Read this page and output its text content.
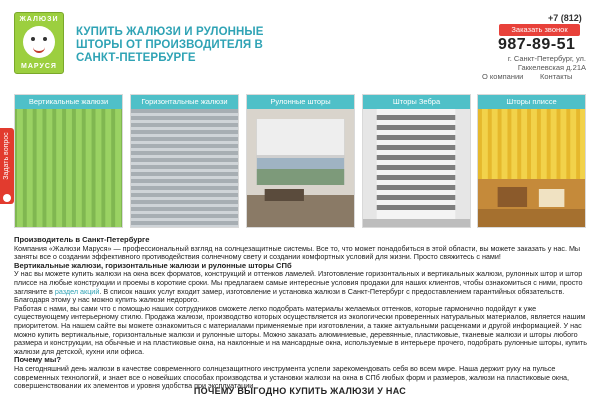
ЖАЛЮЗИ
МАРУСЯ
КУПИТЬ ЖАЛЮЗИ И РУЛОННЫЕ ШТОРЫ ОТ ПРОИЗВОДИТЕЛЯ В САНКТ-ПЕТЕРБУРГЕ
+7 (812)
Заказать звонок
987-89-51
г. Санкт-Петербург, ул.
Гаккелевская д.21А
О компании Контакты
Вертикальные жалюзи	Горизонтальные жалюзи	Рулонные шторы	Шторы Зебра	Шторы плиссе
Задать вопрос
Производитель в Санкт-Петербурге

Компания «Жалюзи Маруся» — профессиональный взгляд на солнцезащитные системы. Все то, что может понадобиться в этой области, вы можете заказать у нас. Мы заняты все о создании эффективного противодействия солнечному свету и создании комфортных условий для жизни. Просто свяжитесь с нами!

Вертикальные жалюзи, горизонтальные жалюзи и рулонные шторы СПб

У нас вы можете купить жалюзи на окна всех форматов, конструкций и оттенков ламелей. Изготовление горизонтальных и вертикальных жалюзи, рулонных штор и штор плиссе на любые конструкции и проемы в короткие сроки. Мы предлагаем самые интересные условия продажи для наших клиентов, чтобы ознакомиться с ними, просто загляните в раздел акций. В список наших услуг входит замер, изготовление и установка жалюзи в Санкт-Петербург с предоставлением гарантийных обязательств. Благодаря этому у нас можно купить жалюзи недорого.

Работая с нами, вы сами что с помощью наших сотрудников сможете легко подобрать материалы желаемых оттенков, которые гармонично подойдут к уже существующему интерьерному стилю. Продажа жалюзи, производство которых осуществляется из экологически проверенных натуральных материалов, является нашим приоритетом. На нашем сайте вы можете ознакомиться с материалами применяемые при изготовлении, а также актуальными расценками и другой информацией. У нас можно купить вертикальные, горизонтальные жалюзи и рулонные шторы. Можно заказать алюминиевые, деревянные, пластиковые, тканевые жалюзи и шторы любого размера и конструкции, на обычные и на пластиковые окна, на наклонные и на мансардные окна, используемые в интерьере прочего, подобрать рулонные шторы, купить жалюзи для детской, кухни или офиса.

Почему мы?

На сегодняшний день жалюзи в качестве современного солнцезащитного инструмента успели зарекомендовать себя во всем мире. Наша держит руку на пульсе современных технологий, и знает все о новейших способах производства и установки жалюзи на окна в СПб любых форм и размеров, жалюзи на пластиковые окна, совершенствовании их элементов и уровня удобства при эксплуатации.

ПОЧЕМУ ВЫГОДНО КУПИТЬ ЖАЛЮЗИ У НАС
